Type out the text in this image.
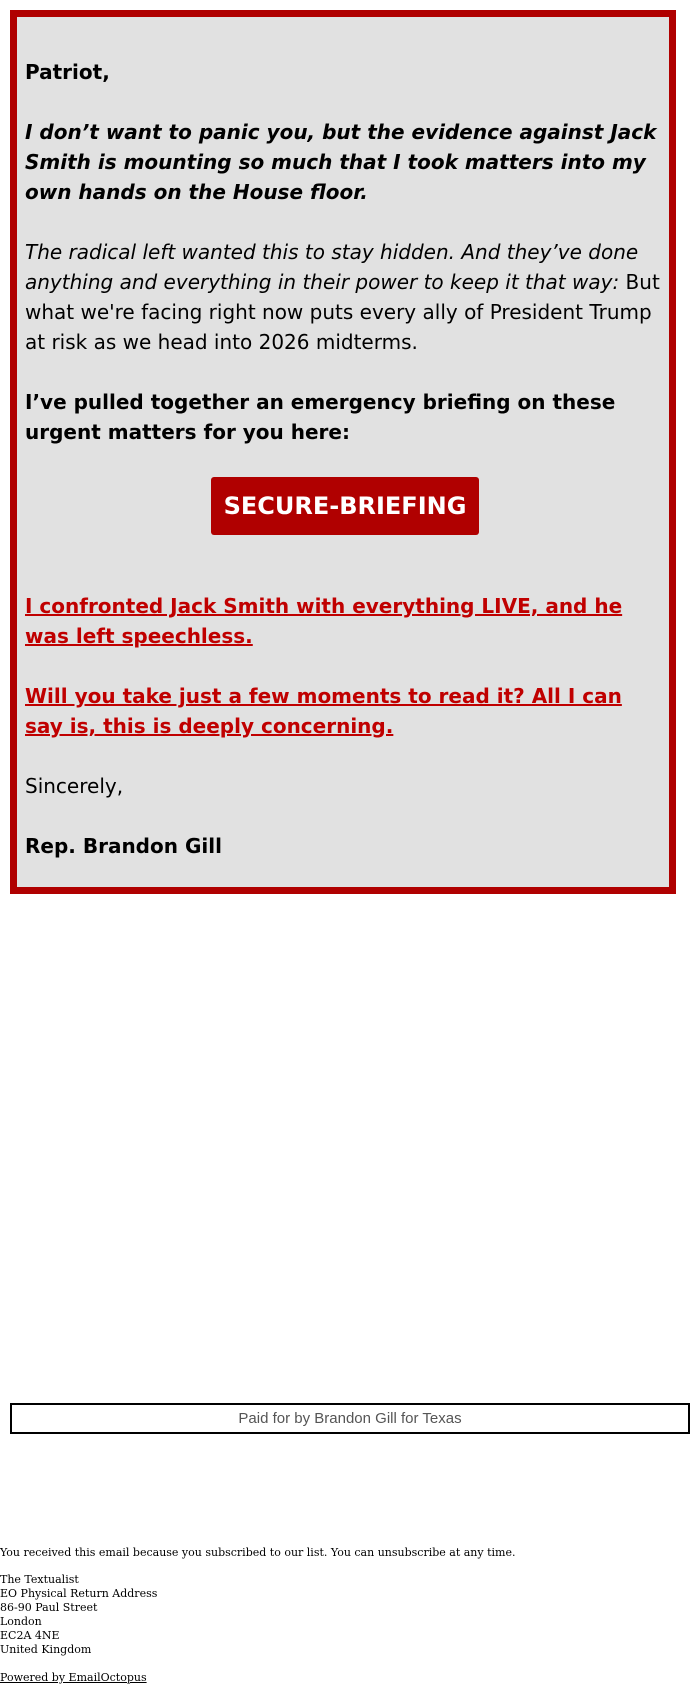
Patriot,

I don’t want to panic you, but the evidence against Jack Smith is mounting so much that I took matters into my own hands on the House floor.

The radical left wanted this to stay hidden. And they’ve done anything and everything in their power to keep it that way: But what we're facing right now puts every ally of President Trump at risk as we head into 2026 midterms.

I’ve pulled together an emergency briefing on these urgent matters for you here:

SECURE-BRIEFING

I confronted Jack Smith with everything LIVE, and he was left speechless.

Will you take just a few moments to read it? All I can say is, this is deeply concerning.

Sincerely,

Rep. Brandon Gill

Paid for by Brandon Gill for Texas

You received this email because you subscribed to our list. You can unsubscribe at any time.

The Textualist
EO Physical Return Address
86-90 Paul Street
London
EC2A 4NE
United Kingdom

Powered by EmailOctopus
